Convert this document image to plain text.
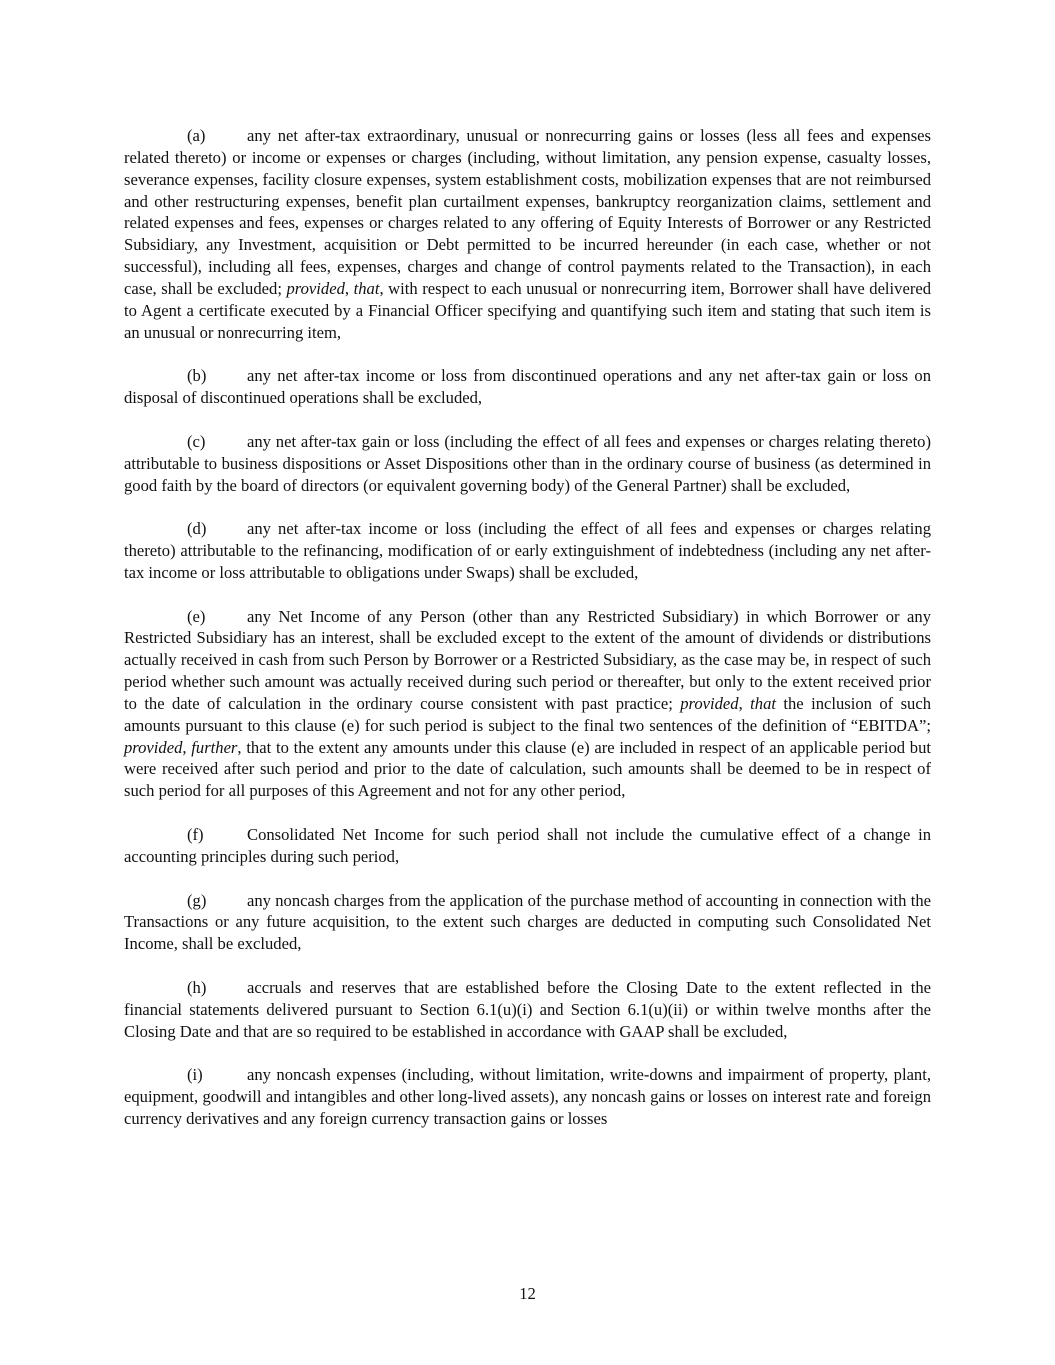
(a)	any net after-tax extraordinary, unusual or nonrecurring gains or losses (less all fees and expenses related thereto) or income or expenses or charges (including, without limitation, any pension expense, casualty losses, severance expenses, facility closure expenses, system establishment costs, mobilization expenses that are not reimbursed and other restructuring expenses, benefit plan curtailment expenses, bankruptcy reorganization claims, settlement and related expenses and fees, expenses or charges related to any offering of Equity Interests of Borrower or any Restricted Subsidiary, any Investment, acquisition or Debt permitted to be incurred hereunder (in each case, whether or not successful), including all fees, expenses, charges and change of control payments related to the Transaction), in each case, shall be excluded; provided, that, with respect to each unusual or nonrecurring item, Borrower shall have delivered to Agent a certificate executed by a Financial Officer specifying and quantifying such item and stating that such item is an unusual or nonrecurring item,

(b) any net after-tax income or loss from discontinued operations and any net after-tax gain or loss on disposal of discontinued operations shall be excluded,

(c)	any net after-tax gain or loss (including the effect of all fees and expenses or charges relating thereto) attributable to business dispositions or Asset Dispositions other than in the ordinary course of business (as determined in good faith by the board of directors (or equivalent governing body) of the General Partner) shall be excluded,

(d) any net after-tax income or loss (including the effect of all fees and expenses or charges relating thereto) attributable to the refinancing, modification of or early extinguishment of indebtedness (including any net after-tax income or loss attributable to obligations under Swaps) shall be excluded,

(e)	any Net Income of any Person (other than any Restricted Subsidiary) in which Borrower or any Restricted Subsidiary has an interest, shall be excluded except to the extent of the amount of dividends or distributions actually received in cash from such Person by Borrower or a Restricted Subsidiary, as the case may be, in respect of such period whether such amount was actually received during such period or thereafter, but only to the extent received prior to the date of calculation in the ordinary course consistent with past practice; provided, that the inclusion of such amounts pursuant to this clause (e) for such period is subject to the final two sentences of the definition of “EBITDA”; provided, further, that to the extent any amounts under this clause (e) are included in respect of an applicable period but were received after such period and prior to the date of calculation, such amounts shall be deemed to be in respect of such period for all purposes of this Agreement and not for any other period,

(f)	Consolidated Net Income for such period shall not include the cumulative effect of a change in accounting principles during such period,

(g) any noncash charges from the application of the purchase method of accounting in connection with the Transactions or any future acquisition, to the extent such charges are deducted in computing such Consolidated Net Income, shall be excluded,

(h) accruals and reserves that are established before the Closing Date to the extent reflected in the financial statements delivered pursuant to Section 6.1(u)(i) and Section 6.1(u)(ii) or within twelve months after the Closing Date and that are so required to be established in accordance with GAAP shall be excluded,

(i)	any noncash expenses (including, without limitation, write-downs and impairment of property, plant, equipment, goodwill and intangibles and other long-lived assets), any noncash gains or losses on interest rate and foreign currency derivatives and any foreign currency transaction gains or losses

12
